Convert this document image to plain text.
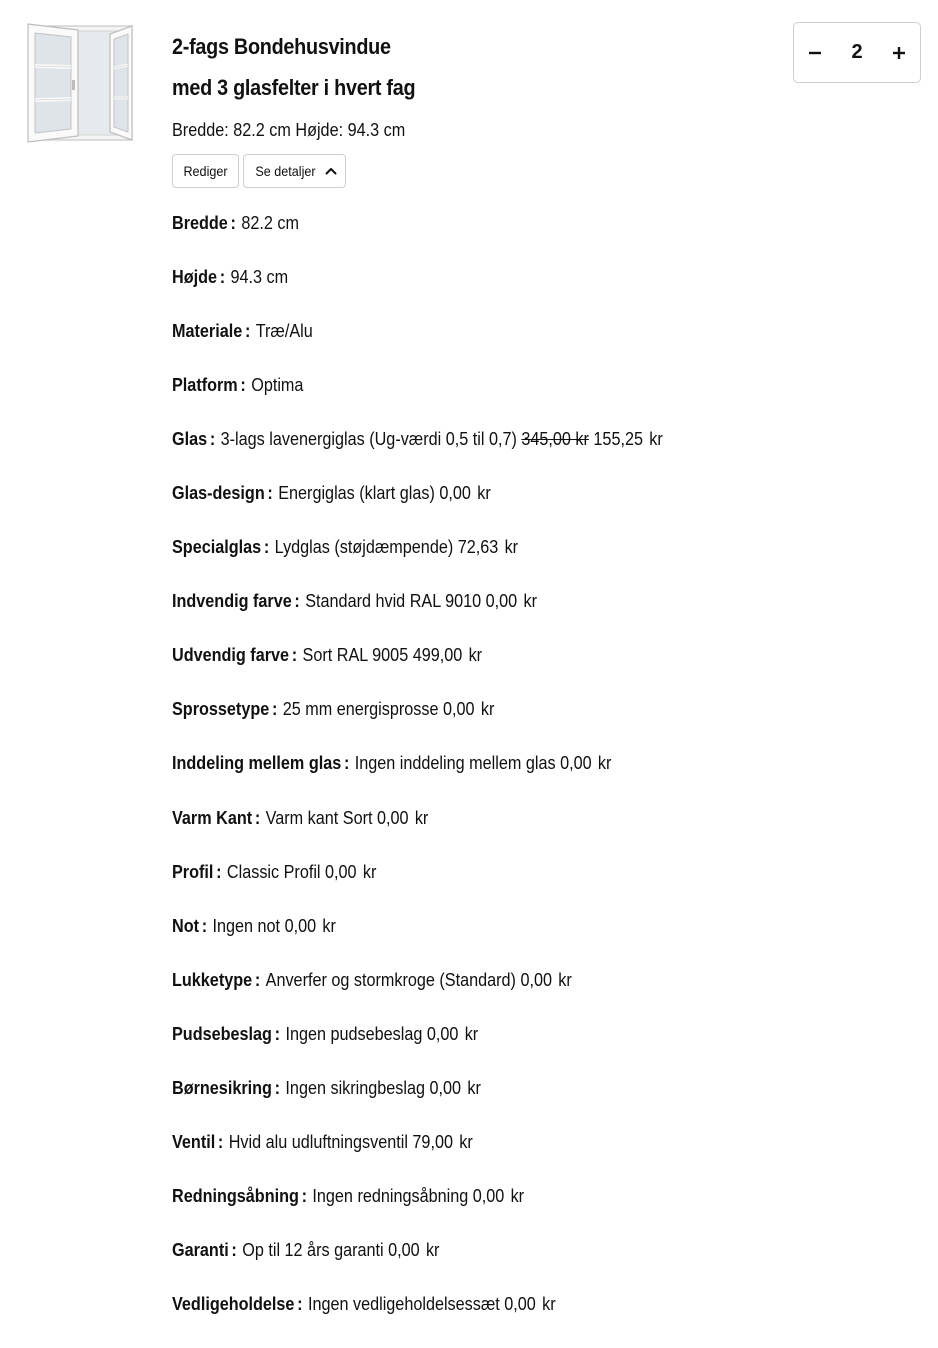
2-fags Bondehusvindue
med 3 glasfelter i hvert fag
Bredde: 82.2 cm Højde: 94.3 cm
Rediger Se detaljer
2
Bredde : 82.2 cm
Højde : 94.3 cm
Materiale : Træ/Alu
Platform : Optima
Glas : 3-lags lavenergiglas (Ug-værdi 0,5 til 0,7) 345,00 kr 155,25 kr
Glas-design : Energiglas (klart glas) 0,00 kr
Specialglas : Lydglas (støjdæmpende) 72,63 kr
Indvendig farve : Standard hvid RAL 9010 0,00 kr
Udvendig farve : Sort RAL 9005 499,00 kr
Sprossetype : 25 mm energisprosse 0,00 kr
Inddeling mellem glas : Ingen inddeling mellem glas 0,00 kr
Varm Kant : Varm kant Sort 0,00 kr
Profil : Classic Profil 0,00 kr
Not : Ingen not 0,00 kr
Lukketype : Anverfer og stormkroge (Standard) 0,00 kr
Pudsebeslag : Ingen pudsebeslag 0,00 kr
Børnesikring : Ingen sikringbeslag 0,00 kr
Ventil : Hvid alu udluftningsventil 79,00 kr
Redningsåbning : Ingen redningsåbning 0,00 kr
Garanti : Op til 12 års garanti 0,00 kr
Vedligeholdelse : Ingen vedligeholdelsessæt 0,00 kr
